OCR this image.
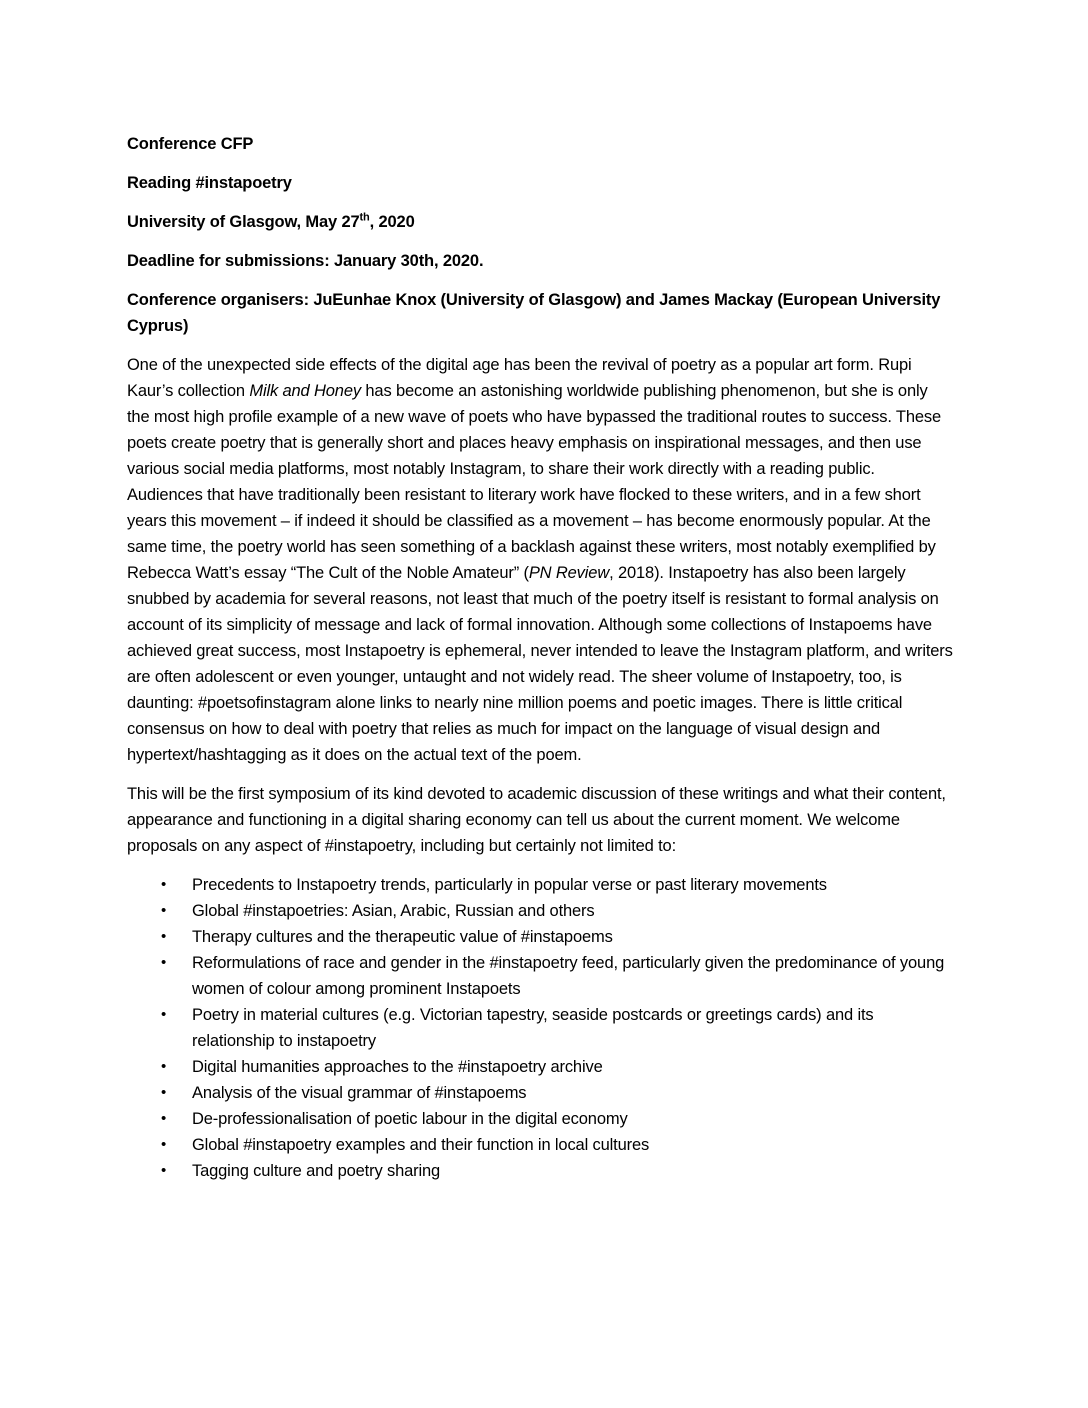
Conference CFP
Reading #instapoetry
University of Glasgow, May 27th, 2020
Deadline for submissions: January 30th, 2020.
Conference organisers: JuEunhae Knox (University of Glasgow) and James Mackay (European University Cyprus)
One of the unexpected side effects of the digital age has been the revival of poetry as a popular art form. Rupi Kaur’s collection Milk and Honey has become an astonishing worldwide publishing phenomenon, but she is only the most high profile example of a new wave of poets who have bypassed the traditional routes to success. These poets create poetry that is generally short and places heavy emphasis on inspirational messages, and then use various social media platforms, most notably Instagram, to share their work directly with a reading public. Audiences that have traditionally been resistant to literary work have flocked to these writers, and in a few short years this movement – if indeed it should be classified as a movement – has become enormously popular. At the same time, the poetry world has seen something of a backlash against these writers, most notably exemplified by Rebecca Watt’s essay “The Cult of the Noble Amateur” (PN Review, 2018). Instapoetry has also been largely snubbed by academia for several reasons, not least that much of the poetry itself is resistant to formal analysis on account of its simplicity of message and lack of formal innovation. Although some collections of Instapoems have achieved great success, most Instapoetry is ephemeral, never intended to leave the Instagram platform, and writers are often adolescent or even younger, untaught and not widely read. The sheer volume of Instapoetry, too, is daunting: #poetsofinstagram alone links to nearly nine million poems and poetic images. There is little critical consensus on how to deal with poetry that relies as much for impact on the language of visual design and hypertext/hashtagging as it does on the actual text of the poem.
This will be the first symposium of its kind devoted to academic discussion of these writings and what their content, appearance and functioning in a digital sharing economy can tell us about the current moment. We welcome proposals on any aspect of #instapoetry, including but certainly not limited to:
• Precedents to Instapoetry trends, particularly in popular verse or past literary movements
• Global #instapoetries: Asian, Arabic, Russian and others
• Therapy cultures and the therapeutic value of #instapoems
• Reformulations of race and gender in the #instapoetry feed, particularly given the predominance of young women of colour among prominent Instapoets
• Poetry in material cultures (e.g. Victorian tapestry, seaside postcards or greetings cards) and its relationship to instapoetry
• Digital humanities approaches to the #instapoetry archive
• Analysis of the visual grammar of #instapoems
• De-professionalisation of poetic labour in the digital economy
• Global #instapoetry examples and their function in local cultures
• Tagging culture and poetry sharing
